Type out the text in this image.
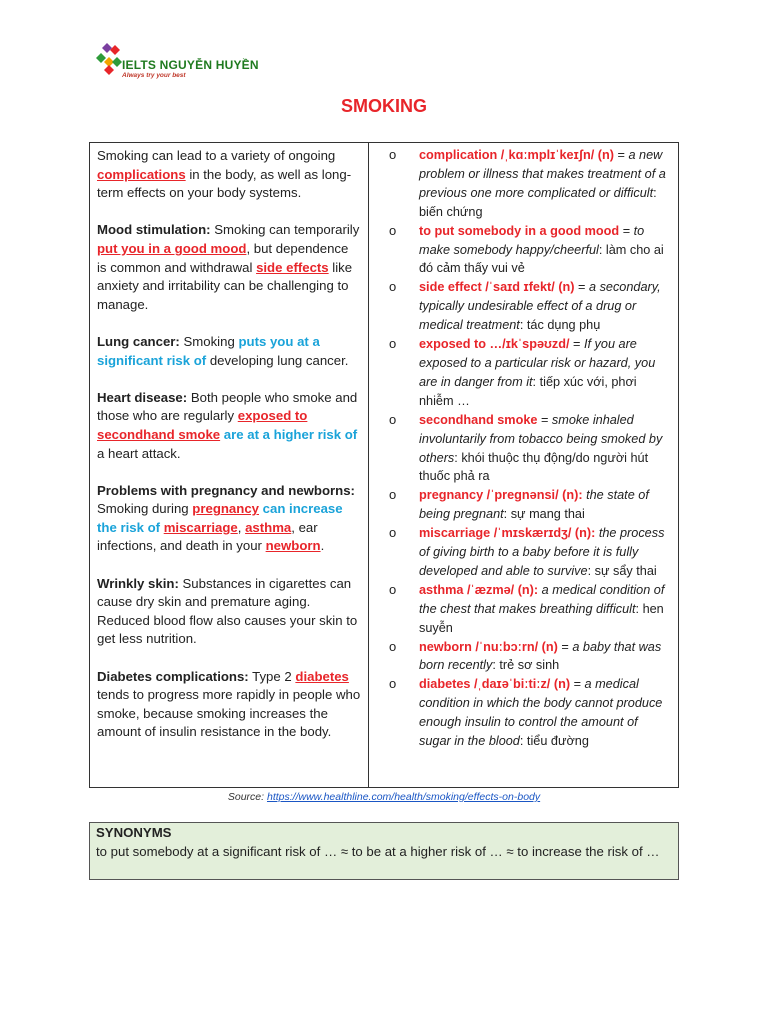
IELTS NGUYỄN HUYỀN
Always try your best
SMOKING

Smoking can lead to a variety of ongoing complications in the body, as well as long-term effects on your body systems.

Mood stimulation: Smoking can temporarily put you in a good mood, but dependence is common and withdrawal side effects like anxiety and irritability can be challenging to manage.

Lung cancer: Smoking puts you at a significant risk of developing lung cancer.

Heart disease: Both people who smoke and those who are regularly exposed to secondhand smoke are at a higher risk of a heart attack.

Problems with pregnancy and newborns: Smoking during pregnancy can increase the risk of miscarriage, asthma, ear infections, and death in your newborn.

Wrinkly skin: Substances in cigarettes can cause dry skin and premature aging. Reduced blood flow also causes your skin to get less nutrition.

Diabetes complications: Type 2 diabetes tends to progress more rapidly in people who smoke, because smoking increases the amount of insulin resistance in the body.

o complication /ˌkɑːmplɪˈkeɪʃn/ (n) = a new problem or illness that makes treatment of a previous one more complicated or difficult: biến chứng
o to put somebody in a good mood = to make somebody happy/cheerful: làm cho ai đó cảm thấy vui vẻ
o side effect /ˈsaɪd ɪfekt/ (n) = a secondary, typically undesirable effect of a drug or medical treatment: tác dụng phụ
o exposed to …/ɪkˈspəʊzd/ = If you are exposed to a particular risk or hazard, you are in danger from it: tiếp xúc với, phơi nhiễm …
o secondhand smoke = smoke inhaled involuntarily from tobacco being smoked by others: khói thuộc thụ động/do người hút thuốc phả ra
o pregnancy /ˈpreɡnənsi/ (n): the state of being pregnant: sự mang thai
o miscarriage /ˈmɪskærɪdʒ/ (n): the process of giving birth to a baby before it is fully developed and able to survive: sự sẩy thai
o asthma /ˈæzmə/ (n): a medical condition of the chest that makes breathing difficult: hen suyễn
o newborn /ˈnuːbɔːrn/ (n) = a baby that was born recently: trẻ sơ sinh
o diabetes /ˌdaɪəˈbiːtiːz/ (n) = a medical condition in which the body cannot produce enough insulin to control the amount of sugar in the blood: tiểu đường
Source: https://www.healthline.com/health/smoking/effects-on-body
SYNONYMS
to put somebody at a significant risk of … ≈ to be at a higher risk of … ≈ to increase the risk of …
